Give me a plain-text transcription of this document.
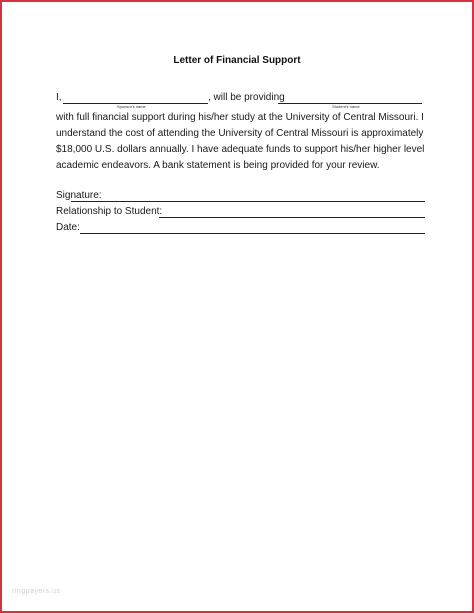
Letter of Financial Support
I,
Sponsor's name
, will be providing
Student's name
with full financial support during his/her study at the University of Central Missouri. I
understand the cost of attending the University of Central Missouri is approximately
$18,000 U.S. dollars annually. I have adequate funds to support his/her higher level
academic endeavors. A bank statement is being provided for your review.
Signature:
Relationship to Student:
Date:
ringpayers.us
